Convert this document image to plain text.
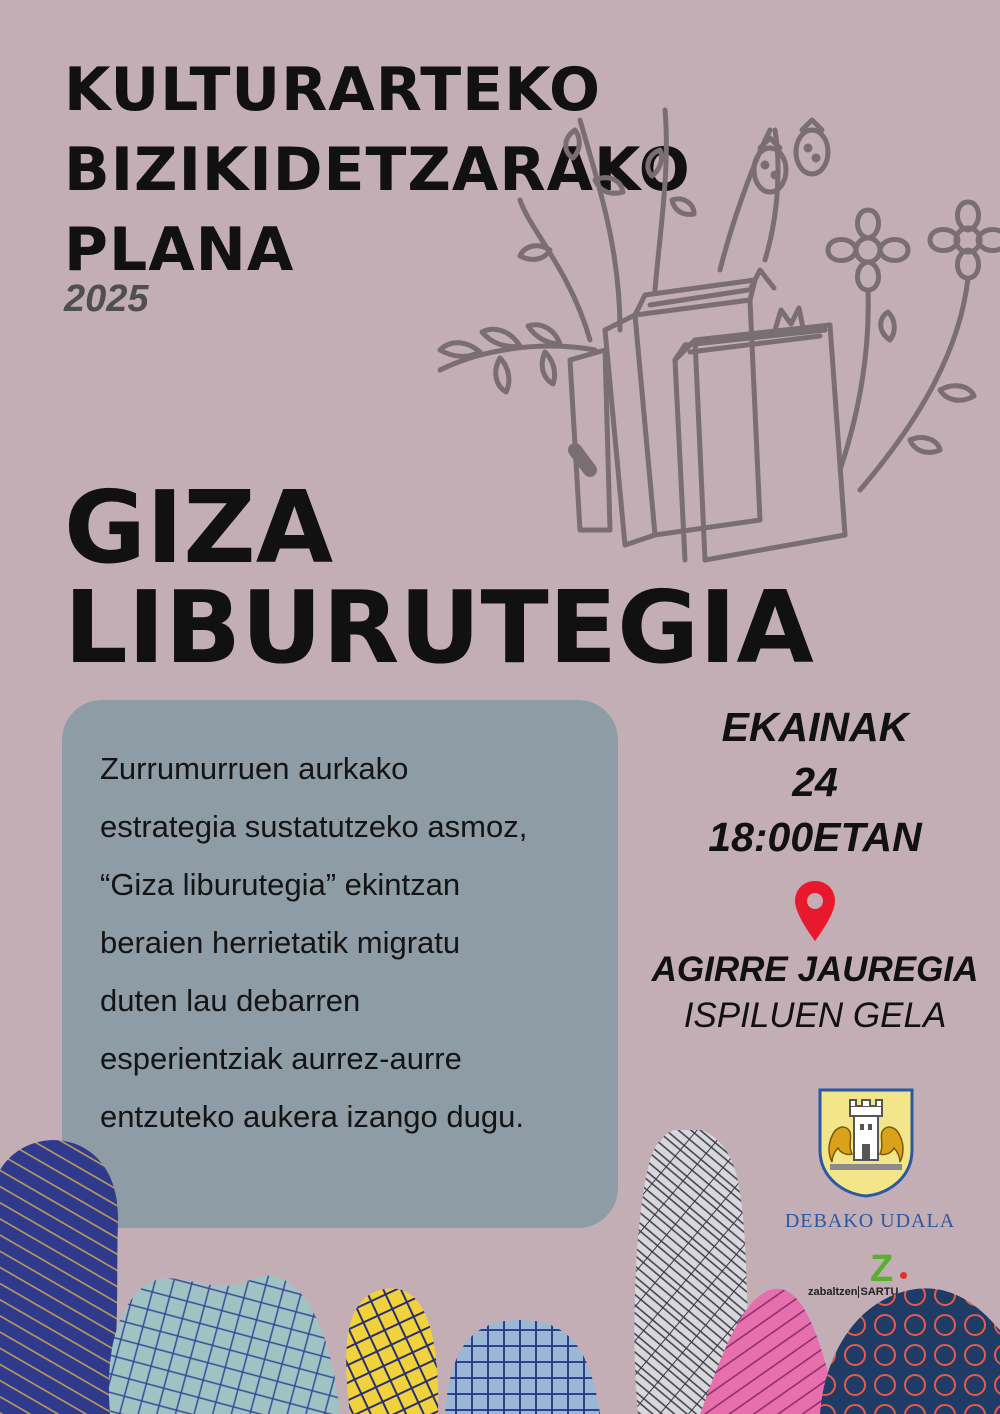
KULTURARTEKO
BIZIKIDETZARAKO
PLANA
2025
GIZA
LIBURUTEGIA

Zurrumurruen aurkako
estrategia sustatutzeko asmoz,
“Giza liburutegia” ekintzan
beraien herrietatik migratu
duten lau debarren
esperientziak aurrez-aurre
entzuteko aukera izango dugu.

EKAINAK
24
18:00ETAN
AGIRRE JAUREGIA
ISPILUEN GELA
DEBAKO UDALA
Z
zabaltzen SARTU
